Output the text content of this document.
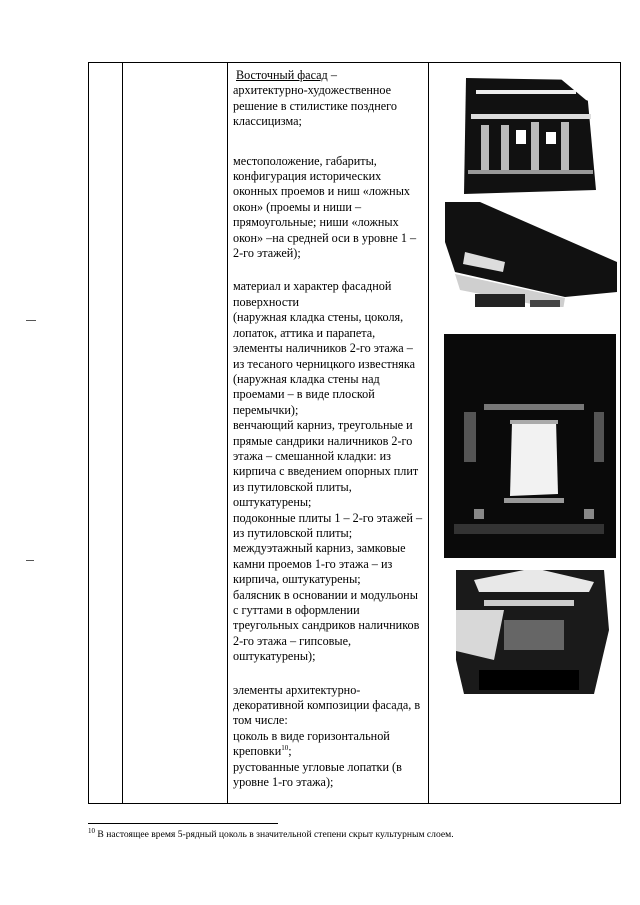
Восточный фасад –

архитектурно-художественное решение в стилистике позднего классицизма;

местоположение, габариты, конфигурация исторических оконных проемов и ниш «ложных окон» (проемы и ниши – прямоугольные; ниши «ложных окон» –на средней оси в уровне 1 – 2-го этажей);

материал и характер фасадной поверхности

(наружная кладка стены, цоколя, лопаток, аттика и парапета, элементы наличников 2-го этажа – из тесаного черницкого известняка (наружная кладка стены над проемами – в виде плоской перемычки);

венчающий карниз, треугольные и прямые сандрики наличников 2-го этажа – смешанной кладки: из кирпича с введением опорных плит из путиловской плиты, оштукатурены;

подоконные плиты 1 – 2-го этажей – из путиловской плиты;

междуэтажный карниз, замковые камни проемов 1-го этажа – из кирпича, оштукатурены;

балясник в основании и модульоны с гуттами в оформлении треугольных сандриков наличников 2-го этажа – гипсовые, оштукатурены);

элементы архитектурно-декоративной композиции фасада, в том числе:

цоколь в виде горизонтальной креповки$^{10}$;

рустованные угловые лопатки (в уровне 1-го этажа);

$^{10}$ В настоящее время 5-рядный цоколь в значительной степени скрыт культурным слоем.
